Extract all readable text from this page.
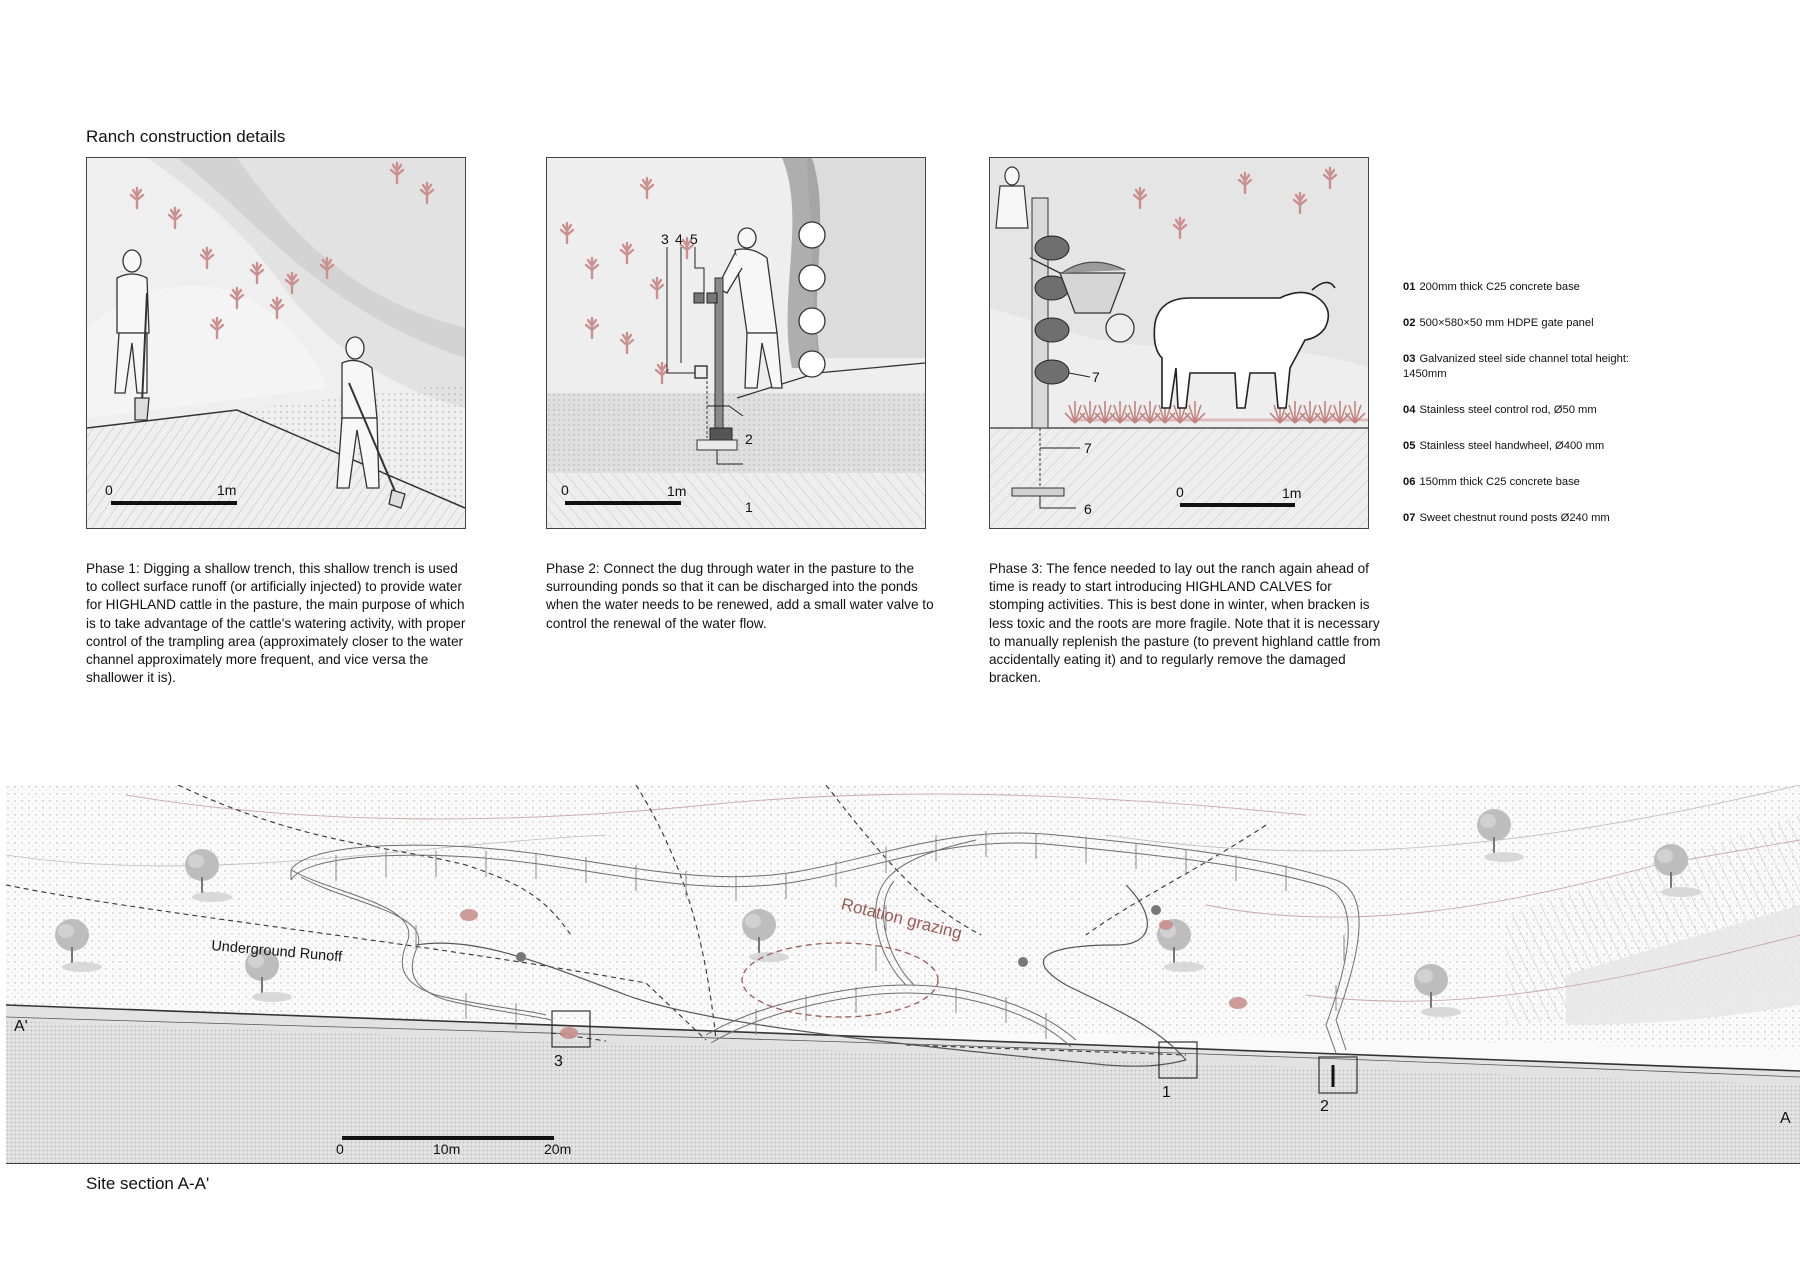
Ranch construction details
0	1m
3 4 5
2
1
0	1m
7
7
6
0	1m
Phase 1: Digging a shallow trench, this shallow trench is used to collect surface runoff (or artificially injected) to provide water for HIGHLAND cattle in the pasture, the main purpose of which is to take advantage of the cattle's watering activity, with proper control of the trampling area (approximately closer to the water channel approximately more frequent, and vice versa the shallower it is).
Phase 2: Connect the dug through water in the pasture to the surrounding ponds so that it can be discharged into the ponds when the water needs to be renewed, add a small water valve to control the renewal of the water flow.
Phase 3: The fence needed to lay out the ranch again ahead of time is ready to start introducing HIGHLAND CALVES for stomping activities. This is best done in winter, when bracken is less toxic and the roots are more fragile. Note that it is necessary to manually replenish the pasture (to prevent highland cattle from accidentally eating it) and to regularly remove the damaged bracken.
01 200mm thick C25 concrete base
02 500×580×50 mm HDPE gate panel
03 Galvanized steel side channel total height: 1450mm
04 Stainless steel control rod, Ø50 mm
05 Stainless steel handwheel, Ø400 mm
06 150mm thick C25 concrete base
07 Sweet chestnut round posts Ø240 mm
Rotation grazing
Underground Runoff
3
1
2
A'
A
0	10m	20m
Site section A-A'
